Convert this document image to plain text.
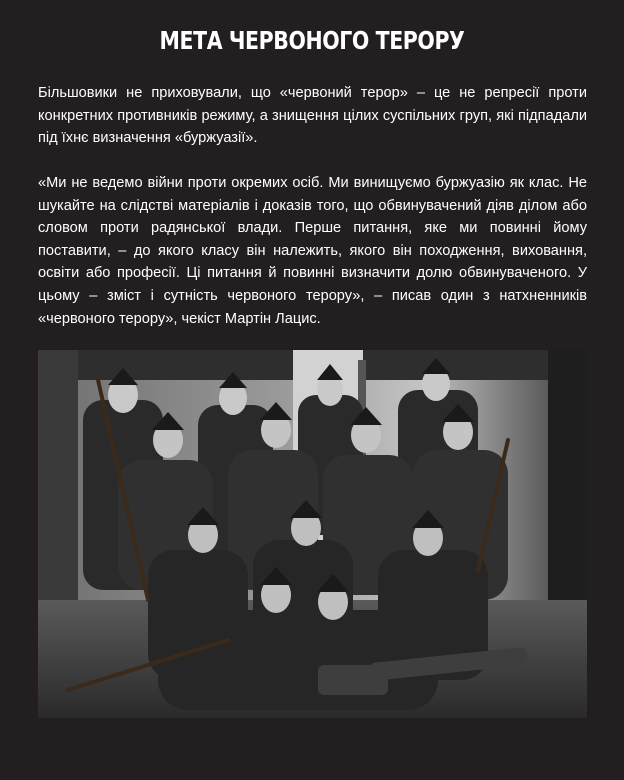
МЕТА ЧЕРВОНОГО ТЕРОРУ

Більшовики не приховували, що «червоний терор» – це не репресії проти конкретних противників режиму, а знищення цілих суспільних груп, які підпадали під їхнє визначення «буржуазії».

«Ми не ведемо війни проти окремих осіб. Ми винищуємо буржуазію як клас. Не шукайте на слідстві матеріалів і доказів того, що обвинувачений діяв ділом або словом проти радянської влади. Перше питання, яке ми повинні йому поставити, – до якого класу він належить, якого він походження, виховання, освіти або професії. Ці питання й повинні визначити долю обвинуваченого. У цьому – зміст і сутність червоного терору», – писав один з натхненників «червоного терору», чекіст Мартін Лацис.
